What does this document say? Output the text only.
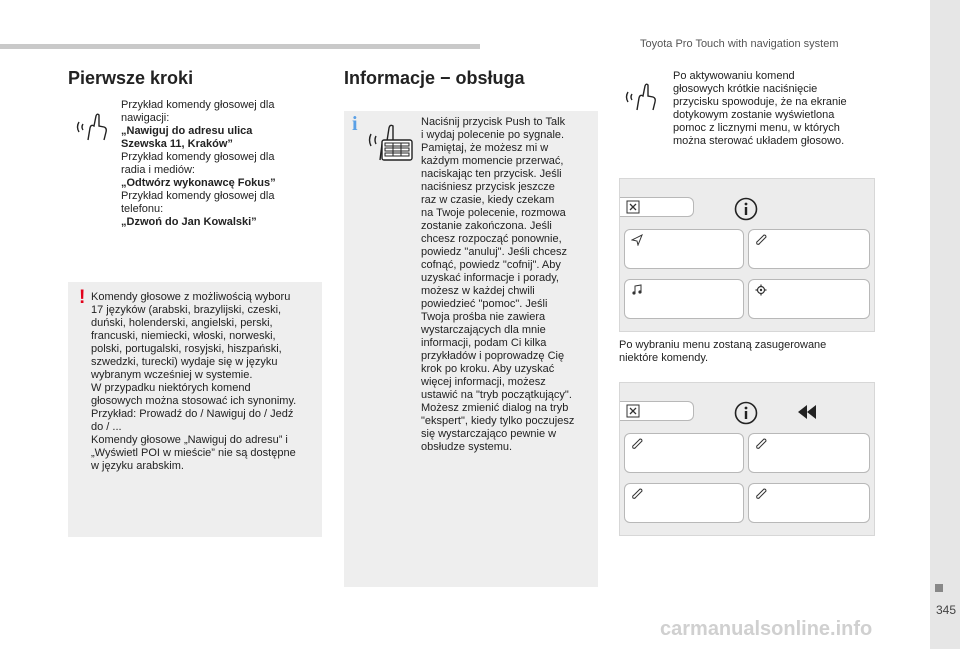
Toyota Pro Touch with navigation system
345
carmanualsonline.info
Pierwsze kroki
Przykład komendy głosowej dla
nawigacji:
„Nawiguj do adresu ulica
Szewska 11, Kraków”
Przykład komendy głosowej dla
radia i mediów:
„Odtwórz wykonawcę Fokus”
Przykład komendy głosowej dla
telefonu:
„Dzwoń do Jan Kowalski”
! Komendy głosowe z możliwością wyboru
17 języków (arabski, brazylijski, czeski,
duński, holenderski, angielski, perski,
francuski, niemiecki, włoski, norweski,
polski, portugalski, rosyjski, hiszpański,
szwedzki, turecki) wydaje się w języku
wybranym wcześniej w systemie.
W przypadku niektórych komend
głosowych można stosować ich synonimy.
Przykład: Prowadź do / Nawiguj do / Jedź
do / ...
Komendy głosowe „Nawiguj do adresu” i
„Wyświetl POI w mieście” nie są dostępne
w języku arabskim.
Informacje − obsługa
i	Naciśnij przycisk Push to Talk
i wydaj polecenie po sygnale.
Pamiętaj, że możesz mi w
każdym momencie przerwać,
naciskając ten przycisk. Jeśli
naciśniesz przycisk jeszcze
raz w czasie, kiedy czekam
na Twoje polecenie, rozmowa
zostanie zakończona. Jeśli
chcesz rozpocząć ponownie,
powiedz "anuluj". Jeśli chcesz
cofnąć, powiedz "cofnij". Aby
uzyskać informacje i porady,
możesz w każdej chwili
powiedzieć "pomoc". Jeśli
Twoja prośba nie zawiera
wystarczających dla mnie
informacji, podam Ci kilka
przykładów i poprowadzę Cię
krok po kroku. Aby uzyskać
więcej informacji, możesz
ustawić na "tryb początkujący".
Możesz zmienić dialog na tryb
"ekspert", kiedy tylko poczujesz
się wystarczająco pewnie w
obsłudze systemu.
Po aktywowaniu komend
głosowych krótkie naciśnięcie
przycisku spowoduje, że na ekranie
dotykowym zostanie wyświetlona
pomoc z licznymi menu, w których
można sterować układem głosowo.
Po wybraniu menu zostaną zasugerowane
niektóre komendy.
